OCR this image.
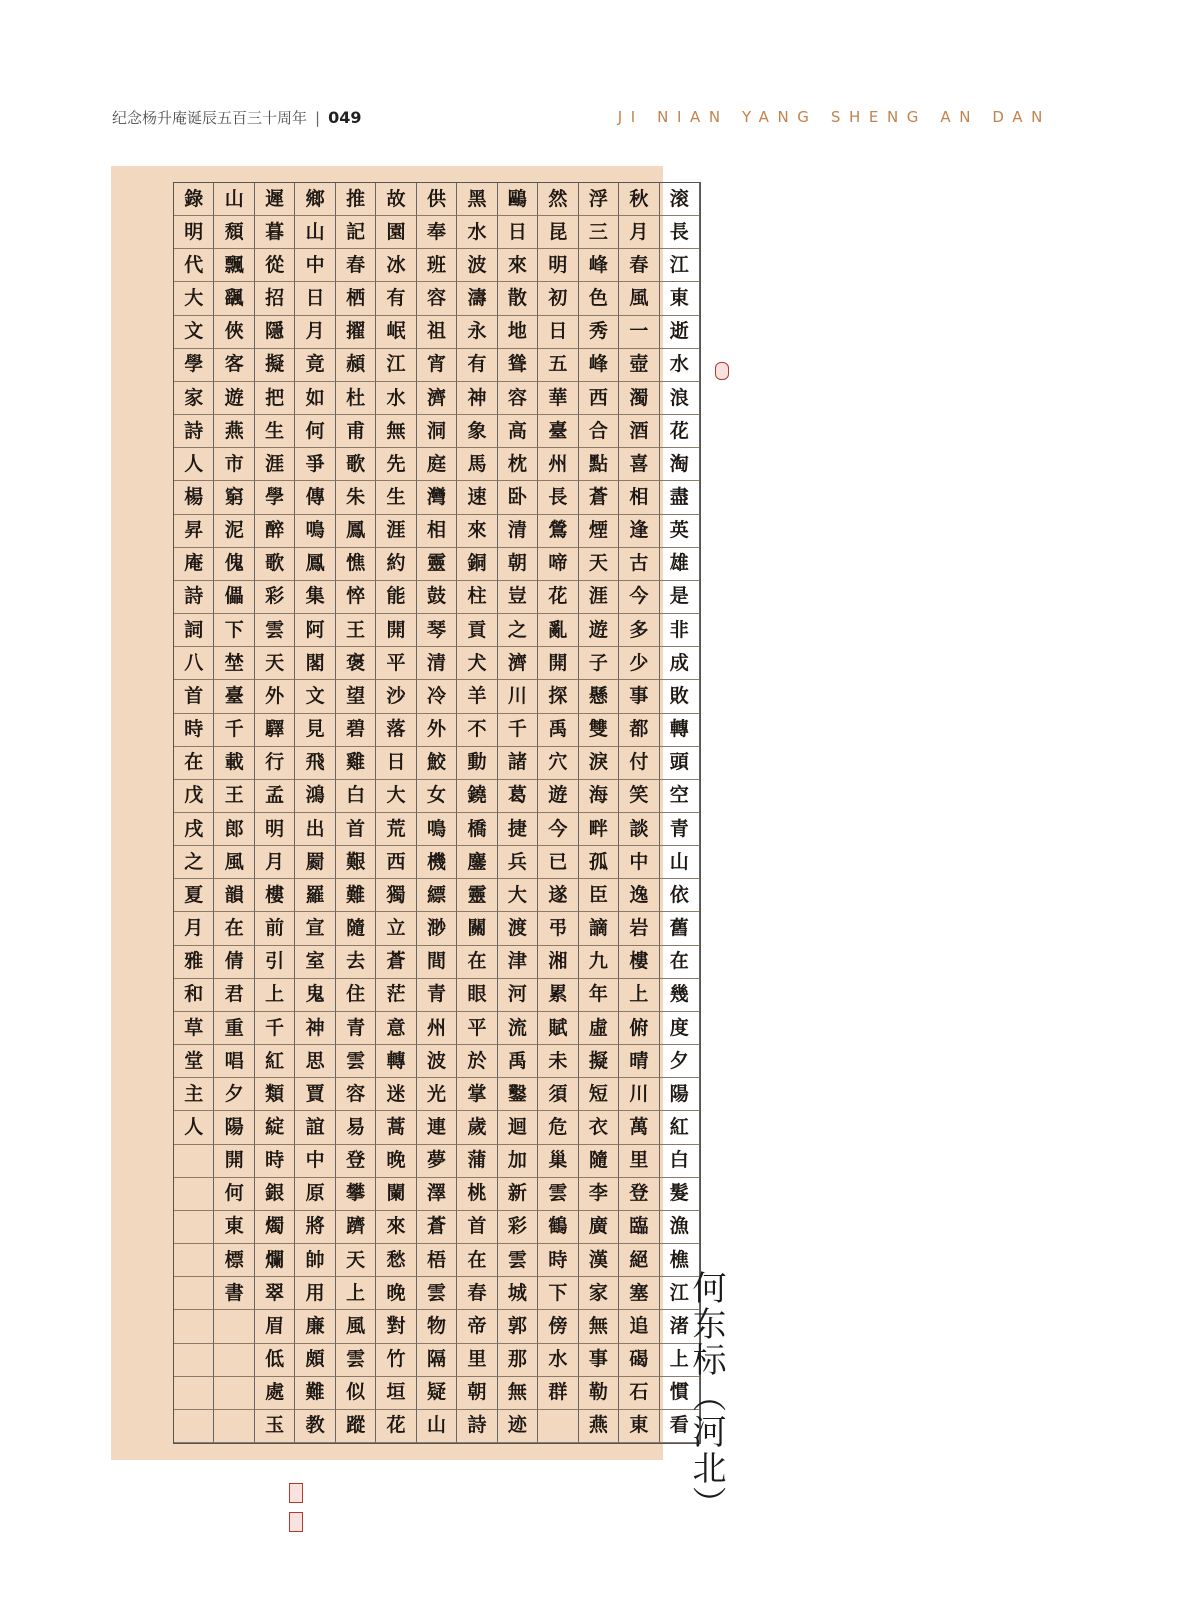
纪念杨升庵诞辰五百三十周年 | 049	JI NIAN YANG SHENG AN DAN
滚
長
江
東
逝
水
浪
花
淘
盡
英
雄
是
非
成
敗
轉
頭
空
青
山
依
舊
在
幾
度
夕
陽
紅
白
髮
漁
樵
江
渚
上
慣
看
秋
月
春
風
一
壺
濁
酒
喜
相
逢
古
今
多
少
事
都
付
笑
談
中
逸
岩
樓
上
俯
晴
川
萬
里
登
臨
絕
塞
追
碣
石
東
浮
三
峰
色
秀
峰
西
合
點
蒼
煙
天
涯
遊
子
懸
雙
淚
海
畔
孤
臣
謫
九
年
虛
擬
短
衣
隨
李
廣
漢
家
無
事
勒
燕
然
昆
明
初
日
五
華
臺
州
長
鶯
啼
花
亂
開
探
禹
穴
遊
今
已
遂
弔
湘
累
賦
未
須
危
巢
雲
鶴
時
下
傍
水
群
鷗
日
來
散
地
聳
容
高
枕
卧
清
朝
豈
之
濟
川
千
諸
葛
捷
兵
大
渡
津
河
流
禹
鑿
迴
加
新
彩
雲
城
郭
那
無
迹
黑
水
波
濤
永
有
神
象
馬
速
來
銅
柱
貢
犬
羊
不
動
鐃
橋
鏖
靈
關
在
眼
平
於
掌
歲
蒲
桃
首
在
春
帝
里
朝
詩
供
奉
班
容
祖
宵
濟
洞
庭
灣
相
靈
鼓
琴
清
冷
外
鮫
女
鳴
機
縹
渺
間
青
州
波
光
連
夢
澤
蒼
梧
雲
物
隔
疑
山
故
園
冰
有
岷
江
水
無
先
生
涯
約
能
開
平
沙
落
日
大
荒
西
獨
立
蒼
茫
意
轉
迷
蒿
晚
闌
來
愁
晚
對
竹
垣
花
推
記
春
栖
擢
頳
杜
甫
歌
朱
鳳
憔
悴
王
褒
望
碧
雞
白
首
艱
難
隨
去
住
青
雲
容
易
登
攀
躋
天
上
風
雲
似
蹤
鄉
山
中
日
月
竟
如
何
爭
傳
鳴
鳳
集
阿
閣
文
見
飛
鴻
出
罽
羅
宣
室
鬼
神
思
賈
誼
中
原
將
帥
用
廉
頗
難
教
遲
暮
從
招
隱
擬
把
生
涯
學
醉
歌
彩
雲
天
外
驛
行
孟
明
月
樓
前
引
上
千
紅
類
綻
時
銀
燭
爛
翠
眉
低
處
玉
山
頹
飄
颻
俠
客
遊
燕
市
窮
泥
傀
儡
下
埜
臺
千
載
王
郎
風
韻
在
倩
君
重
唱
夕
陽
開
何
東
標
書
錄
明
代
大
文
學
家
詩
人
楊
昇
庵
詩
詞
八
首
時
在
戊
戌
之
夏
月
雅
和
草
堂
主
人
何东标（河北）
